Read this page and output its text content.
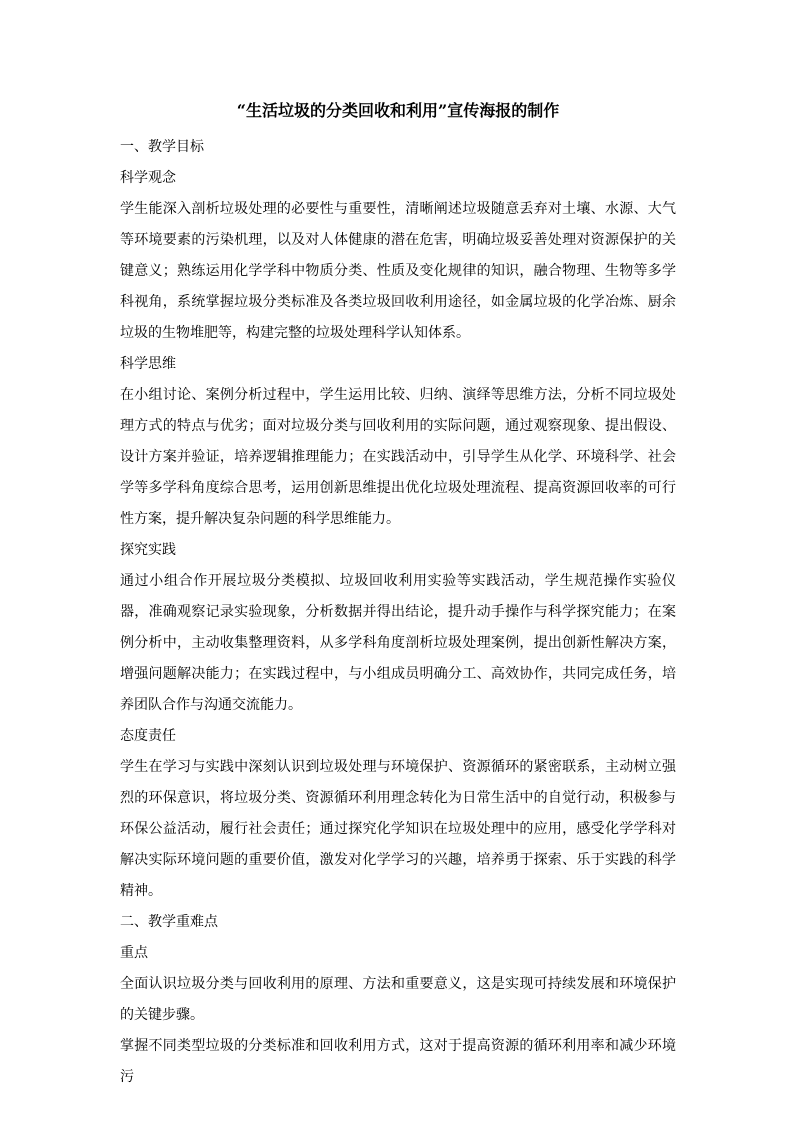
“生活垃圾的分类回收和利用”宣传海报的制作

一、教学目标

科学观念

学生能深入剖析垃圾处理的必要性与重要性，清晰阐述垃圾随意丢弃对土壤、水源、大气等环境要素的污染机理，以及对人体健康的潜在危害，明确垃圾妥善处理对资源保护的关键意义；熟练运用化学学科中物质分类、性质及变化规律的知识，融合物理、生物等多学科视角，系统掌握垃圾分类标准及各类垃圾回收利用途径，如金属垃圾的化学冶炼、厨余垃圾的生物堆肥等，构建完整的垃圾处理科学认知体系。

科学思维

在小组讨论、案例分析过程中，学生运用比较、归纳、演绎等思维方法，分析不同垃圾处理方式的特点与优劣；面对垃圾分类与回收利用的实际问题，通过观察现象、提出假设、设计方案并验证，培养逻辑推理能力；在实践活动中，引导学生从化学、环境科学、社会学等多学科角度综合思考，运用创新思维提出优化垃圾处理流程、提高资源回收率的可行性方案，提升解决复杂问题的科学思维能力。

探究实践

通过小组合作开展垃圾分类模拟、垃圾回收利用实验等实践活动，学生规范操作实验仪器，准确观察记录实验现象，分析数据并得出结论，提升动手操作与科学探究能力；在案例分析中，主动收集整理资料，从多学科角度剖析垃圾处理案例，提出创新性解决方案，增强问题解决能力；在实践过程中，与小组成员明确分工、高效协作，共同完成任务，培养团队合作与沟通交流能力。

态度责任

学生在学习与实践中深刻认识到垃圾处理与环境保护、资源循环的紧密联系，主动树立强烈的环保意识，将垃圾分类、资源循环利用理念转化为日常生活中的自觉行动，积极参与环保公益活动，履行社会责任；通过探究化学知识在垃圾处理中的应用，感受化学学科对解决实际环境问题的重要价值，激发对化学学习的兴趣，培养勇于探索、乐于实践的科学精神。

二、教学重难点

重点

全面认识垃圾分类与回收利用的原理、方法和重要意义，这是实现可持续发展和环境保护的关键步骤。

掌握不同类型垃圾的分类标准和回收利用方式，这对于提高资源的循环利用率和减少环境污
